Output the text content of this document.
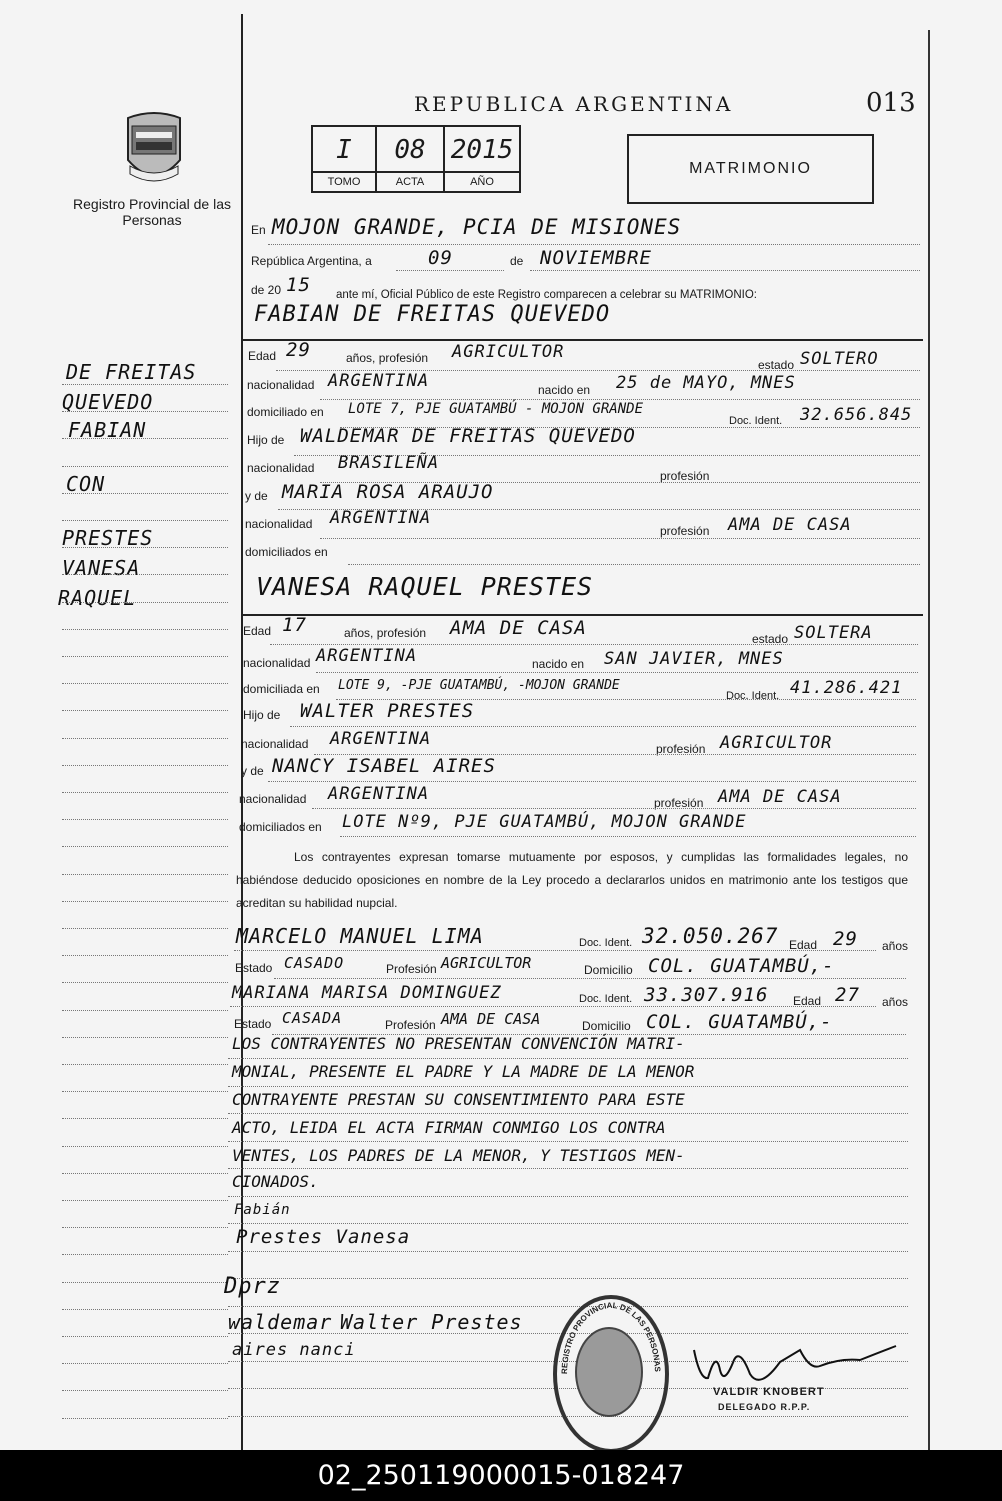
REPUBLICA ARGENTINA	013
Registro Provincial de las Personas
I
TOMO
08
ACTA
2015
AÑO
MATRIMONIO
DE FREITAS
QUEVEDO
FABIAN
CON
PRESTES
VANESA
RAQUEL
En MOJON GRANDE, PCIA DE MISIONES
República Argentina, a	09	de NOVIEMBRE
de 20 15 ante mí, Oficial Público de este Registro comparecen a celebrar su MATRIMONIO:
FABIAN DE FREITAS QUEVEDO
Edad 29	años, profesión AGRICULTOR
estado SOLTERO
nacionalidad ARGENTINA	nacido en 25 de MAYO, MNES
domiciliado en LOTE 7, PJE GUATAMBÚ - MOJON GRANDE
Doc. Ident. 32.656.845
Hijo de WALDEMAR DE FREITAS QUEVEDO
nacionalidad BRASILEÑA
profesión
y de MARIA ROSA ARAUJO
nacionalidad ARGENTINA
profesión AMA DE CASA
domiciliados en
VANESA RAQUEL PRESTES
Edad 17	años, profesión AMA DE CASA	estado SOLTERA
nacionalidad ARGENTINA	nacido en SAN JAVIER, MNES
domiciliada en LOTE 9, -PJE GUATAMBÚ, -MOJON GRANDE
Doc. Ident. 41.286.421
Hijo de WALTER PRESTES
nacionalidad ARGENTINA	profesión AGRICULTOR
y de NANCY ISABEL AIRES
nacionalidad ARGENTINA	profesión AMA DE CASA
domiciliados en LOTE Nº9, PJE GUATAMBÚ, MOJON GRANDE
Los contrayentes expresan tomarse mutuamente por esposos, y cumplidas las formalidades legales, no habiéndose deducido oposiciones en nombre de la Ley procedo a declararlos unidos en matrimonio ante los testigos que acreditan su habilidad nupcial.
MARCELO MANUEL LIMA	Doc. Ident. 32.050.267 Edad 29 años
Estado CASADO	Profesión AGRICULTOR	Domicilio COL. GUATAMBÚ,-
MARIANA MARISA DOMINGUEZ	Doc. Ident. 33.307.916 Edad 27 años
Estado CASADA	Profesión AMA DE CASA	Domicilio COL. GUATAMBÚ,-
LOS CONTRAYENTES NO PRESENTAN CONVENCIÓN MATRI-
MONIAL, PRESENTE EL PADRE Y LA MADRE DE LA MENOR
CONTRAYENTE PRESTAN SU CONSENTIMIENTO PARA ESTE
ACTO, LEIDA EL ACTA FIRMAN CONMIGO LOS CONTRA
VENTES, LOS PADRES DE LA MENOR, Y TESTIGOS MEN-
CIONADOS.
Fabián
Prestes Vanesa
Dprz
waldemar Walter Prestes
aires nanci
REGISTRO PROVINCIAL DE LAS PERSONAS
VALDIR KNOBERT
DELEGADO R.P.P.
02_250119000015-018247
